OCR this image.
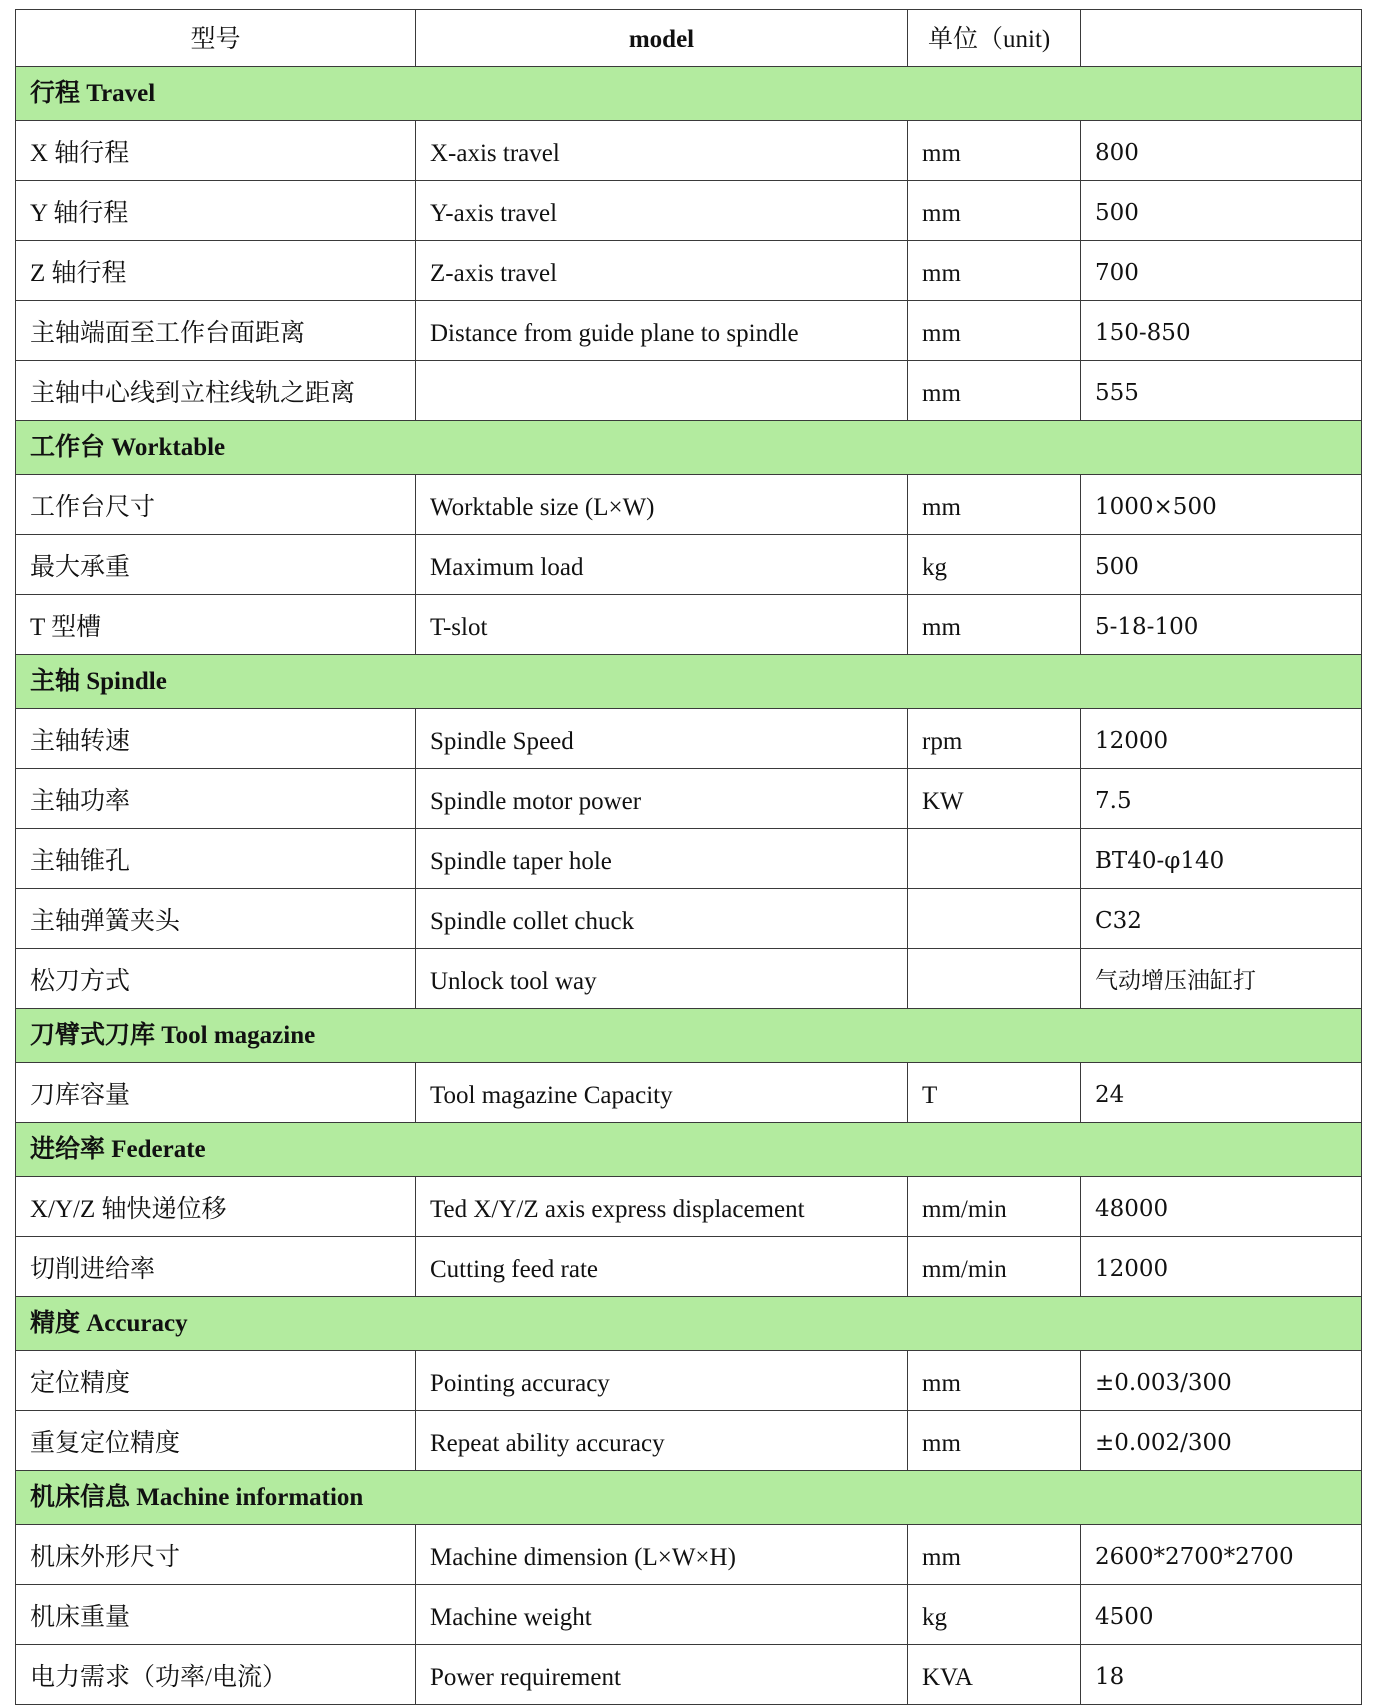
型号	model	单位（unit)	
行程 Travel			
X 轴行程	X-axis travel	mm	800
Y 轴行程	Y-axis travel	mm	500
Z 轴行程	Z-axis travel	mm	700
主轴端面至工作台面距离	Distance from guide plane to spindle	mm	150-850
主轴中心线到立柱线轨之距离		mm	555
工作台 Worktable			
工作台尺寸	Worktable size (L×W)	mm	1000×500
最大承重	Maximum load	kg	500
T 型槽	T-slot	mm	5-18-100
主轴 Spindle			
主轴转速	Spindle Speed	rpm	12000
主轴功率	Spindle motor power	KW	7.5
主轴锥孔	Spindle taper hole		BT40-φ140
主轴弹簧夹头	Spindle collet chuck		C32
松刀方式	Unlock tool way		气动增压油缸打
刀臂式刀库 Tool magazine			
刀库容量	Tool magazine Capacity	T	24
进给率 Federate			
X/Y/Z 轴快递位移	Ted X/Y/Z axis express displacement	mm/min	48000
切削进给率	Cutting feed rate	mm/min	12000
精度 Accuracy			
定位精度	Pointing accuracy	mm	±0.003/300
重复定位精度	Repeat ability accuracy	mm	±0.002/300
机床信息 Machine information			
机床外形尺寸	Machine dimension (L×W×H)	mm	2600*2700*2700
机床重量	Machine weight	kg	4500
电力需求（功率/电流）	Power requirement	KVA	18
